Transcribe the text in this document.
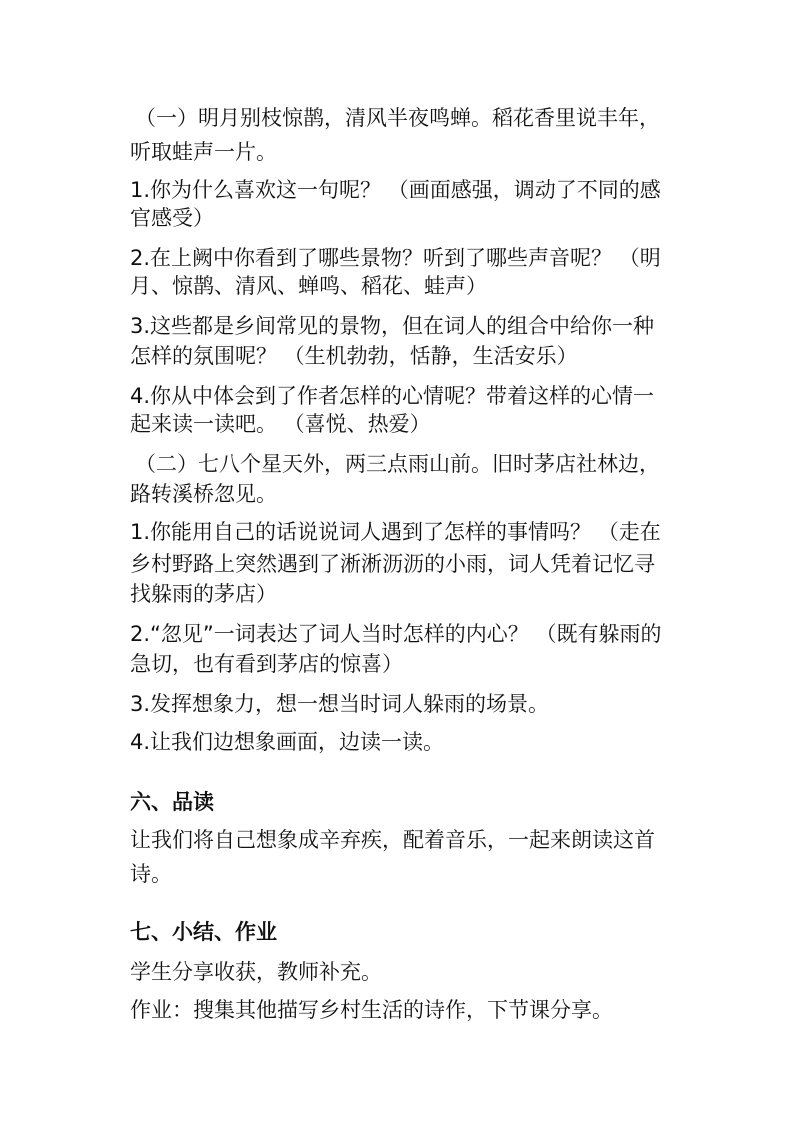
（一）明月别枝惊鹊，清风半夜鸣蝉。稻花香里说丰年，
听取蛙声一片。
1.你为什么喜欢这一句呢？ （画面感强，调动了不同的感
官感受）
2.在上阙中你看到了哪些景物？听到了哪些声音呢？ （明
月、惊鹊、清风、蝉鸣、稻花、蛙声）
3.这些都是乡间常见的景物，但在词人的组合中给你一种
怎样的氛围呢？ （生机勃勃，恬静，生活安乐）
4.你从中体会到了作者怎样的心情呢？带着这样的心情一
起来读一读吧。 （喜悦、热爱）
（二）七八个星天外，两三点雨山前。旧时茅店社林边，
路转溪桥忽见。
1.你能用自己的话说说词人遇到了怎样的事情吗？ （走在
乡村野路上突然遇到了淅淅沥沥的小雨，词人凭着记忆寻
找躲雨的茅店）
2.“忽见”一词表达了词人当时怎样的内心？ （既有躲雨的
急切，也有看到茅店的惊喜）
3.发挥想象力，想一想当时词人躲雨的场景。
4.让我们边想象画面，边读一读。
六、品读
让我们将自己想象成辛弃疾，配着音乐，一起来朗读这首
诗。
七、小结、作业
学生分享收获，教师补充。
作业：搜集其他描写乡村生活的诗作，下节课分享。
